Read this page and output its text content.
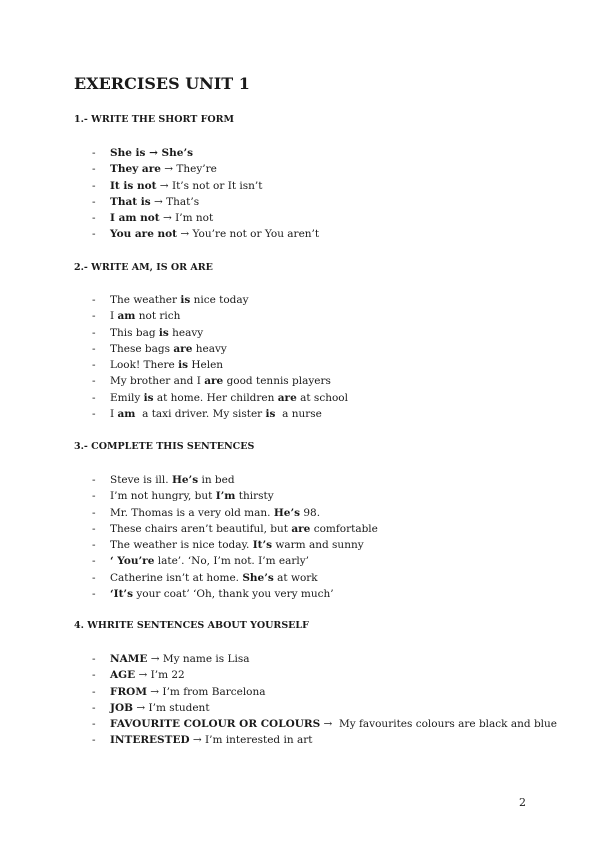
EXERCISES UNIT 1
1.- WRITE THE SHORT FORM
- She is → She’s
- They are → They’re
- It is not → It’s not or It isn’t
- That is → That’s
- I am not → I’m not
- You are not → You’re not or You aren’t
2.- WRITE AM, IS OR ARE
- The weather is nice today
- I am not rich
- This bag is heavy
- These bags are heavy
- Look! There is Helen
- My brother and I are good tennis players
- Emily is at home. Her children are at school
- I am  a taxi driver. My sister is  a nurse
3.- COMPLETE THIS SENTENCES
- Steve is ill. He’s in bed
- I’m not hungry, but I’m thirsty
- Mr. Thomas is a very old man. He’s 98.
- These chairs aren’t beautiful, but are comfortable
- The weather is nice today. It’s warm and sunny
- ‘ You’re late’. ‘No, I’m not. I’m early’
- Catherine isn’t at home. She’s at work
- ‘It’s your coat’ ‘Oh, thank you very much’
4. WHRITE SENTENCES ABOUT YOURSELF
- NAME → My name is Lisa
- AGE → I’m 22
- FROM → I’m from Barcelona
- JOB → I’m student
- FAVOURITE COLOUR OR COLOURS →  My favourites colours are black and blue
- INTERESTED → I’m interested in art
2
